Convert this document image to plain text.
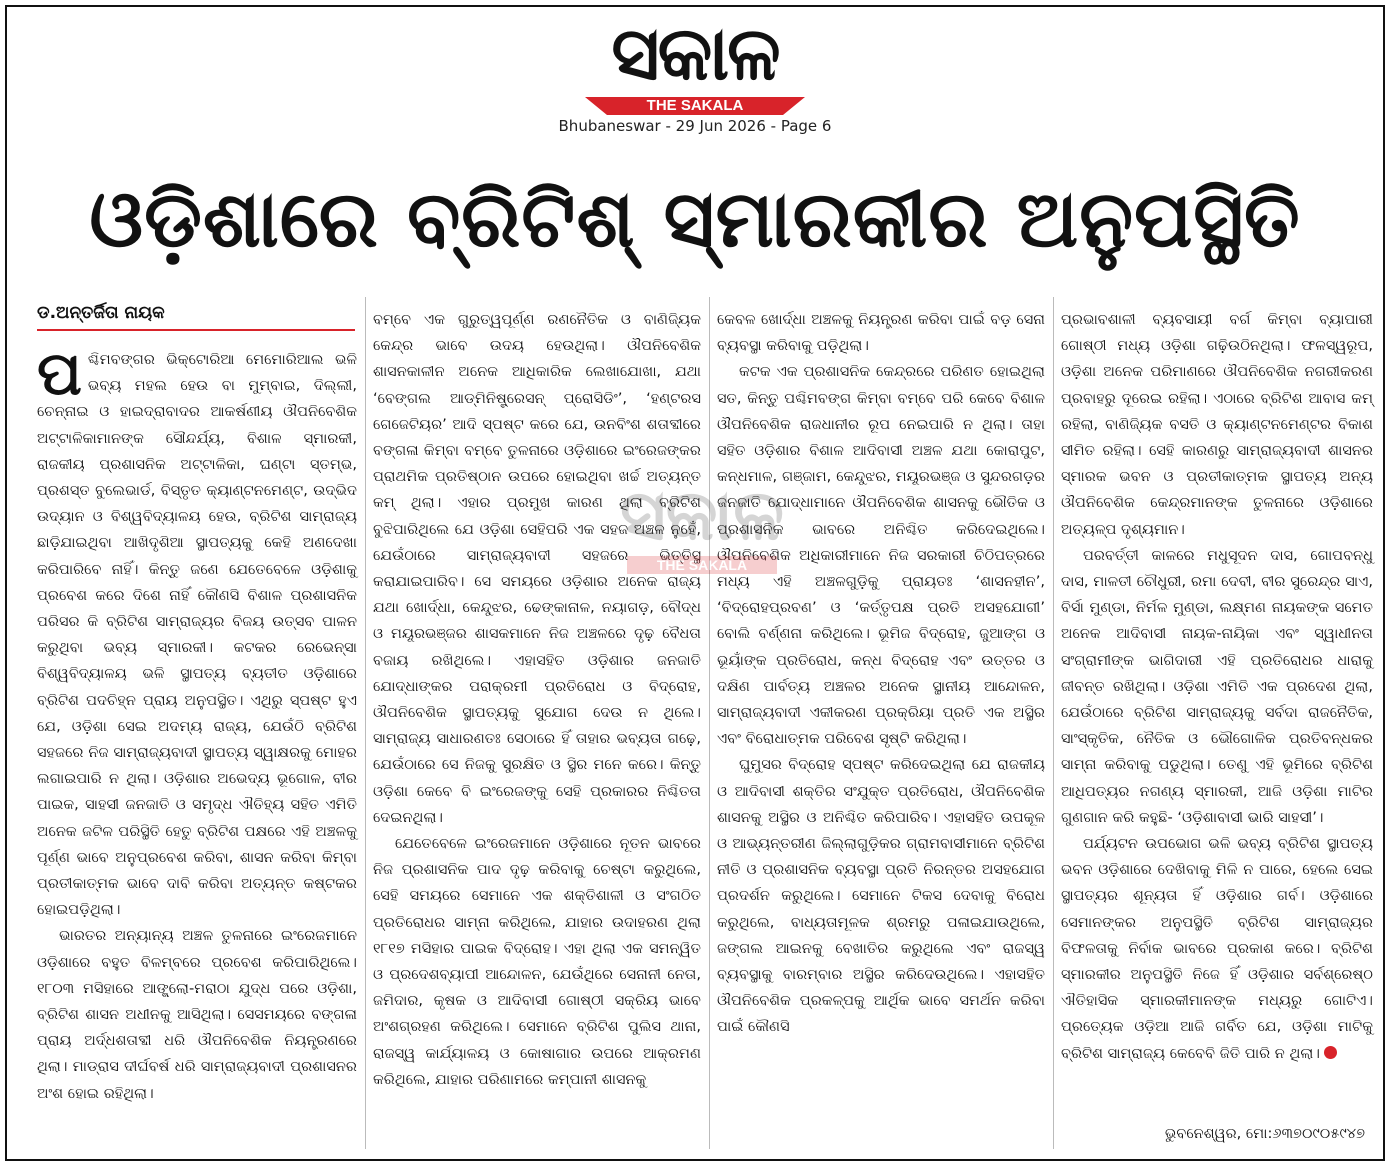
ସକାଳ
THE SAKALA
Bhubaneswar - 29 Jun 2026 - Page 6
ଓଡ଼ିଶାରେ ବ୍ରିଟିଶ୍ ସ୍ମାରକୀର ଅନୁପସ୍ଥିତି
ଡ.ଅନ୍ତର୍ଜିତା ନାୟକ

ପଶ୍ଚିମବଙ୍ଗର ଭିକ୍ଟୋରିଆ ମେମୋରିଆଲ ଭଳି ଭବ୍ୟ ମହଲ ହେଉ ବା ମୁମ୍ବାଇ, ଦିଲ୍ଲୀ, ଚେନ୍ନାଇ ଓ ହାଇଦ୍ରାବାଦର ଆକର୍ଷଣୀୟ ଔପନିବେଶିକ ଅଟ୍ଟାଳିକାମାନଙ୍କ ସୌନ୍ଦର୍ଯ୍ୟ, ବିଶାଳ ସ୍ମାରକୀ, ରାଜକୀୟ ପ୍ରଶାସନିକ ଅଟ୍ଟାଳିକା, ଘଣ୍ଟା ସ୍ତମ୍ଭ, ପ୍ରଶସ୍ତ ବୁଲେଭାର୍ଡ, ବିସ୍ତୃତ କ୍ୟାଣ୍ଟନମେଣ୍ଟ, ଉଦ୍ଭିଦ ଉଦ୍ୟାନ ଓ ବିଶ୍ୱବିଦ୍ୟାଳୟ ହେଉ, ବ୍ରିଟିଶ ସାମ୍ରାଜ୍ୟ ଛାଡ଼ିଯାଇଥିବା ଆଖିଦୃଶିଆ ସ୍ଥାପତ୍ୟକୁ କେହି ଅଣଦେଖା କରିପାରିବେ ନାହିଁ। କିନ୍ତୁ ଜଣେ ଯେତେବେଳେ ଓଡ଼ିଶାକୁ ପ୍ରବେଶ କରେ ଦିଶେ ନାହିଁ କୌଣସି ବିଶାଳ ପ୍ରଶାସନିକ ପରିସର କି ବ୍ରିଟିଶ ସାମ୍ରାଜ୍ୟର ବିଜୟ ଉତ୍ସବ ପାଳନ କରୁଥିବା ଭବ୍ୟ ସ୍ମାରକୀ। କଟକର ରେଭେନ୍ସା ବିଶ୍ୱବିଦ୍ୟାଳୟ ଭଳି ସ୍ଥାପତ୍ୟ ବ୍ୟତୀତ ଓଡ଼ିଶାରେ ବ୍ରିଟିଶ ପଦଚିହ୍ନ ପ୍ରାୟ ଅନୁପସ୍ଥିତ। ଏଥିରୁ ସ୍ପଷ୍ଟ ହୁଏ ଯେ, ଓଡ଼ିଶା ସେଇ ଅଦମ୍ୟ ରାଜ୍ୟ, ଯେଉଁଠି ବ୍ରିଟିଶ ସହଜରେ ନିଜ ସାମ୍ରାଜ୍ୟବାଦୀ ସ୍ଥାପତ୍ୟ ସ୍ୱାକ୍ଷରକୁ ମୋହର ଲଗାଇପାରି ନ ଥିଲା। ଓଡ଼ିଶାର ଅଭେଦ୍ୟ ଭୂଗୋଳ, ବୀର ପାଇକ, ସାହସୀ ଜନଜାତି ଓ ସମୃଦ୍ଧ ଐତିହ୍ୟ ସହିତ ଏମିତି ଅନେକ ଜଟିଳ ପରିସ୍ଥିତି ହେତୁ ବ୍ରିଟିଶ ପକ୍ଷରେ ଏହି ଅଞ୍ଚଳକୁ ପୂର୍ଣ୍ଣ ଭାବେ ଅନୁପ୍ରବେଶ କରିବା, ଶାସନ କରିବା କିମ୍ବା ପ୍ରତୀକାତ୍ମକ ଭାବେ ଦାବି କରିବା ଅତ୍ୟନ୍ତ କଷ୍ଟକର ହୋଇପଡ଼ିଥିଲା।

ଭାରତର ଅନ୍ୟାନ୍ୟ ଅଞ୍ଚଳ ତୁଳନାରେ ଇଂରେଜମାନେ ଓଡ଼ିଶାରେ ବହୁତ ବିଳମ୍ବରେ ପ୍ରବେଶ କରିପାରିଥିଲେ। ୧୮୦୩ ମସିହାରେ ଆଙ୍ଗ୍ଲୋ-ମରାଠା ଯୁଦ୍ଧ ପରେ ଓଡ଼ିଶା, ବ୍ରିଟିଶ ଶାସନ ଅଧୀନକୁ ଆସିଥିଲା। ସେସମୟରେ ବଙ୍ଗଳା ପ୍ରାୟ ଅର୍ଦ୍ଧଶତାବ୍ଦୀ ଧରି ଔପନିବେଶିକ ନିୟନ୍ତ୍ରଣରେ ଥିଲା। ମାଡ୍ରାସ ଦୀର୍ଘବର୍ଷ ଧରି ସାମ୍ରାଜ୍ୟବାଦୀ ପ୍ରଶାସନର ଅଂଶ ହୋଇ ରହିଥିଲା।

ବମ୍ବେ ଏକ ଗୁରୁତ୍ୱପୂର୍ଣ୍ଣ ରଣନୈତିକ ଓ ବାଣିଜ୍ୟିକ କେନ୍ଦ୍ର ଭାବେ ଉଦୟ ହେଉଥିଲା। ଔପନିବେଶିକ ଶାସନକାଳୀନ ଅନେକ ଆଧିକାରିକ ଲେଖାଯୋଖା, ଯଥା ‘ବେଙ୍ଗଲ ଆଡ୍‌ମିନିଷ୍ଟ୍ରେସନ୍ ପ୍ରୋସିଡିଂ’, ‘ହଣ୍ଟରସ ଗେଜେଟିୟର’ ଆଦି ସ୍ପଷ୍ଟ କରେ ଯେ, ଉନବିଂଶ ଶତାବ୍ଦୀରେ ବଙ୍ଗଳା କିମ୍ବା ବମ୍ବେ ତୁଳନାରେ ଓଡ଼ିଶାରେ ଇଂରେଜଙ୍କର ପ୍ରାଥମିକ ପ୍ରତିଷ୍ଠାନ ଉପରେ ହୋଇଥିବା ଖର୍ଚ୍ଚ ଅତ୍ୟନ୍ତ କମ୍ ଥିଲା। ଏହାର ପ୍ରମୁଖ କାରଣ ଥିଲା ବ୍ରିଟିଶ ବୁଝିପାରିଥିଲେ ଯେ ଓଡ଼ିଶା ସେହିପରି ଏକ ସହଜ ଅଞ୍ଚଳ ନୁହେଁ, ଯେଉଁଠାରେ ସାମ୍ରାଜ୍ୟବାଦୀ ସହଜରେ ଭିତ୍ତିସ୍ଥ କରାଯାଇପାରିବ। ସେ ସମୟରେ ଓଡ଼ିଶାର ଅନେକ ରାଜ୍ୟ ଯଥା ଖୋର୍ଦ୍ଧା, କେନ୍ଦୁଝର, ଢେଙ୍କାନାଳ, ନୟାଗଡ଼, ବୌଦ୍ଧ ଓ ମୟୂରଭଞ୍ଜର ଶାସକମାନେ ନିଜ ଅଞ୍ଚଳରେ ଦୃଢ଼ ବୈଧତା ବଜାୟ ରଖିଥିଲେ। ଏହାସହିତ ଓଡ଼ିଶାର ଜନଜାତି ଯୋଦ୍ଧାଙ୍କର ପରାକ୍ରମୀ ପ୍ରତିରୋଧ ଓ ବିଦ୍ରୋହ, ଔପନିବେଶିକ ସ୍ଥାପତ୍ୟକୁ ସୁଯୋଗ ଦେଉ ନ ଥିଲେ। ସାମ୍ରାଜ୍ୟ ସାଧାରଣତଃ ସେଠାରେ ହିଁ ତାହାର ଭବ୍ୟତା ଗଢ଼େ, ଯେଉଁଠାରେ ସେ ନିଜକୁ ସୁରକ୍ଷିତ ଓ ସ୍ଥିର ମନେ କରେ। କିନ୍ତୁ ଓଡ଼ିଶା କେବେ ବି ଇଂରେଜଙ୍କୁ ସେହି ପ୍ରକାରର ନିଶ୍ଚିତତା ଦେଇନଥିଲା।

ଯେତେବେଳେ ଇଂରେଜମାନେ ଓଡ଼ିଶାରେ ନୂତନ ଭାବରେ ନିଜ ପ୍ରଶାସନିକ ପାଦ ଦୃଢ଼ କରିବାକୁ ଚେଷ୍ଟା କରୁଥିଲେ, ସେହି ସମୟରେ ସେମାନେ ଏକ ଶକ୍ତିଶାଳୀ ଓ ସଂଗଠିତ ପ୍ରତିରୋଧର ସାମ୍ନା କରିଥିଲେ, ଯାହାର ଉଦାହରଣ ଥିଲା ୧୮୧୭ ମସିହାର ପାଇକ ବିଦ୍ରୋହ। ଏହା ଥିଲା ଏକ ସମନ୍ୱିତ ଓ ପ୍ରଦେଶବ୍ୟାପୀ ଆନ୍ଦୋଳନ, ଯେଉଁଥିରେ ସେନାନୀ ନେତା, ଜମିଦାର, କୃଷକ ଓ ଆଦିବାସୀ ଗୋଷ୍ଠୀ ସକ୍ରିୟ ଭାବେ ଅଂଶଗ୍ରହଣ କରିଥିଲେ। ସେମାନେ ବ୍ରିଟିଶ ପୁଲିସ ଥାନା, ରାଜସ୍ୱ କାର୍ଯ୍ୟାଳୟ ଓ କୋଷାଗାର ଉପରେ ଆକ୍ରମଣ କରିଥିଲେ, ଯାହାର ପରିଣାମରେ କମ୍ପାନୀ ଶାସନକୁ

କେବଳ ଖୋର୍ଦ୍ଧା ଅଞ୍ଚଳକୁ ନିୟନ୍ତ୍ରଣ କରିବା ପାଇଁ ବଡ଼ ସେନା ବ୍ୟବସ୍ଥା କରିବାକୁ ପଡ଼ିଥିଲା।

କଟକ ଏକ ପ୍ରଶାସନିକ କେନ୍ଦ୍ରରେ ପରିଣତ ହୋଇଥିଲା ସତ, କିନ୍ତୁ ପଶ୍ଚିମବଙ୍ଗ କିମ୍ବା ବମ୍ବେ ପରି କେବେ ବିଶାଳ ଔପନିବେଶିକ ରାଜଧାନୀର ରୂପ ନେଇପାରି ନ ଥିଲା। ତାହା ସହିତ ଓଡ଼ିଶାର ବିଶାଳ ଆଦିବାସୀ ଅଞ୍ଚଳ ଯଥା କୋରାପୁଟ, କନ୍ଧମାଳ, ଗଞ୍ଜାମ, କେନ୍ଦୁଝର, ମୟୂରଭଞ୍ଜ ଓ ସୁନ୍ଦରଗଡ଼ର ଜନଜାତି ଯୋଦ୍ଧାମାନେ ଔପନିବେଶିକ ଶାସନକୁ ଭୌତିକ ଓ ପ୍ରଶାସନିକ ଭାବରେ ଅନିଶ୍ଚିତ କରିଦେଇଥିଲେ। ଔପନିବେଶିକ ଅଧିକାରୀମାନେ ନିଜ ସରକାରୀ ଚିଠିପତ୍ରରେ ମଧ୍ୟ ଏହି ଅଞ୍ଚଳଗୁଡ଼ିକୁ ପ୍ରାୟତଃ ‘ଶାସନହୀନ’, ‘ବିଦ୍ରୋହପ୍ରବଣ’ ଓ ‘କର୍ତ୍ତୃପକ୍ଷ ପ୍ରତି ଅସହଯୋଗୀ’ ବୋଲି ବର୍ଣ୍ଣନା କରିଥିଲେ। ଭୂମିଜ ବିଦ୍ରୋହ, ଜୁଆଙ୍ଗ ଓ ଭୂୟାଁଙ୍କ ପ୍ରତିରୋଧ, କନ୍ଧ ବିଦ୍ରୋହ ଏବଂ ଉତ୍ତର ଓ ଦକ୍ଷିଣ ପାର୍ବତ୍ୟ ଅଞ୍ଚଳର ଅନେକ ସ୍ଥାନୀୟ ଆନ୍ଦୋଳନ, ସାମ୍ରାଜ୍ୟବାଦୀ ଏକୀକରଣ ପ୍ରକ୍ରିୟା ପ୍ରତି ଏକ ଅସ୍ଥିର ଏବଂ ବିରୋଧାତ୍ମକ ପରିବେଶ ସୃଷ୍ଟି କରିଥିଲା।

ଘୁମୁସର ବିଦ୍ରୋହ ସ୍ପଷ୍ଟ କରିଦେଇଥିଲା ଯେ ରାଜକୀୟ ଓ ଆଦିବାସୀ ଶକ୍ତିର ସଂଯୁକ୍ତ ପ୍ରତିରୋଧ, ଔପନିବେଶିକ ଶାସନକୁ ଅସ୍ଥିର ଓ ଅନିଶ୍ଚିତ କରିପାରିବ। ଏହାସହିତ ଉପକୂଳ ଓ ଆଭ୍ୟନ୍ତରୀଣ ଜିଲ୍ଲାଗୁଡ଼ିକର ଗ୍ରାମବାସୀମାନେ ବ୍ରିଟିଶ ନୀତି ଓ ପ୍ରଶାସନିକ ବ୍ୟବସ୍ଥା ପ୍ରତି ନିରନ୍ତର ଅସହଯୋଗ ପ୍ରଦର୍ଶନ କରୁଥିଲେ। ସେମାନେ ଟିକସ ଦେବାକୁ ବିରୋଧ କରୁଥିଲେ, ବାଧ୍ୟତାମୂଳକ ଶ୍ରମରୁ ପଳାଇଯାଉଥିଲେ, ଜଙ୍ଗଲ ଆଇନକୁ ବେଖାତିର କରୁଥିଲେ ଏବଂ ରାଜସ୍ୱ ବ୍ୟବସ୍ଥାକୁ ବାରମ୍ବାର ଅସ୍ଥିର କରିଦେଉଥିଲେ। ଏହାସହିତ ଔପନିବେଶିକ ପ୍ରକଳ୍ପକୁ ଆର୍ଥିକ ଭାବେ ସମର୍ଥନ କରିବା ପାଇଁ କୌଣସି

ପ୍ରଭାବଶାଳୀ ବ୍ୟବସାୟୀ ବର୍ଗ କିମ୍ବା ବ୍ୟାପାରୀ ଗୋଷ୍ଠୀ ମଧ୍ୟ ଓଡ଼ିଶା ଗଢ଼ିଉଠିନଥିଲା। ଫଳସ୍ୱରୂପ, ଓଡ଼ିଶା ଅନେକ ପରିମାଣରେ ଔପନିବେଶିକ ନଗରୀକରଣ ପ୍ରବାହରୁ ଦୂରେଇ ରହିଲା। ଏଠାରେ ବ୍ରିଟିଶ ଆବାସ କମ୍ ରହିଲା, ବାଣିଜ୍ୟିକ ବସତି ଓ କ୍ୟାଣ୍ଟନମେଣ୍ଟର ବିକାଶ ସୀମିତ ରହିଲା। ସେହି କାରଣରୁ ସାମ୍ରାଜ୍ୟବାଦୀ ଶାସନର ସ୍ମାରକ ଭବନ ଓ ପ୍ରତୀକାତ୍ମକ ସ୍ଥାପତ୍ୟ ଅନ୍ୟ ଔପନିବେଶିକ କେନ୍ଦ୍ରମାନଙ୍କ ତୁଳନାରେ ଓଡ଼ିଶାରେ ଅତ୍ୟଳ୍ପ ଦୃଶ୍ୟମାନ।

ପରବର୍ତ୍ତୀ କାଳରେ ମଧୁସୂଦନ ଦାସ, ଗୋପବନ୍ଧୁ ଦାସ, ମାଳତୀ ଚୌଧୁରୀ, ରମା ଦେବୀ, ବୀର ସୁରେନ୍ଦ୍ର ସାଏ, ବିର୍ସା ମୁଣ୍ଡା, ନିର୍ମଳ ମୁଣ୍ଡା, ଲକ୍ଷ୍ମଣ ନାୟକଙ୍କ ସମେତ ଅନେକ ଆଦିବାସୀ ନାୟକ-ନାୟିକା ଏବଂ ସ୍ୱାଧୀନତା ସଂଗ୍ରାମୀଙ୍କ ଭାଗିଦାରୀ ଏହି ପ୍ରତିରୋଧର ଧାରାକୁ ଜୀବନ୍ତ ରଖିଥିଲା। ଓଡ଼ିଶା ଏମିତି ଏକ ପ୍ରଦେଶ ଥିଲା, ଯେଉଁଠାରେ ବ୍ରିଟିଶ ସାମ୍ରାଜ୍ୟକୁ ସର୍ବଦା ରାଜନୈତିକ, ସାଂସ୍କୃତିକ, ନୈତିକ ଓ ଭୌଗୋଳିକ ପ୍ରତିବନ୍ଧକର ସାମ୍ନା କରିବାକୁ ପଡୁଥିଲା। ତେଣୁ ଏହି ଭୂମିରେ ବ୍ରିଟିଶ ଆଧିପତ୍ୟର ନଗଣ୍ୟ ସ୍ମାରକୀ, ଆଜି ଓଡ଼ିଶା ମାଟିର ଗୁଣଗାନ କରି କହୁଛି- ‘ଓଡ଼ିଶାବାସୀ ଭାରି ସାହସୀ’।

ପର୍ଯ୍ୟଟନ ଉପଭୋଗ ଭଳି ଭବ୍ୟ ବ୍ରିଟିଶ ସ୍ଥାପତ୍ୟ ଭବନ ଓଡ଼ିଶାରେ ଦେଖିବାକୁ ମିଳି ନ ପାରେ, ହେଲେ ସେଇ ସ୍ଥାପତ୍ୟର ଶୂନ୍ୟତା ହିଁ ଓଡ଼ିଶାର ଗର୍ବ। ଓଡ଼ିଶାରେ ସେମାନଙ୍କର ଅନୁପସ୍ଥିତି ବ୍ରିଟିଶ ସାମ୍ରାଜ୍ୟର ବିଫଳତାକୁ ନିର୍ବାକ ଭାବରେ ପ୍ରକାଶ କରେ। ବ୍ରିଟିଶ ସ୍ମାରକୀର ଅନୁପସ୍ଥିତି ନିଜେ ହିଁ ଓଡ଼ିଶାର ସର୍ବଶ୍ରେଷ୍ଠ ଐତିହାସିକ ସ୍ମାରକୀମାନଙ୍କ ମଧ୍ୟରୁ ଗୋଟିଏ। ପ୍ରତ୍ୟେକ ଓଡ଼ିଆ ଆଜି ଗର୍ବିତ ଯେ, ଓଡ଼ିଶା ମାଟିକୁ ବ୍ରିଟିଶ ସାମ୍ରାଜ୍ୟ କେବେବି ଜିତି ପାରି ନ ଥିଲା।

ଭୁବନେଶ୍ୱର, ମୋ:୬୩୭୦୯୦୫୯୪୭
ସକାଳ
THE SAKALA
